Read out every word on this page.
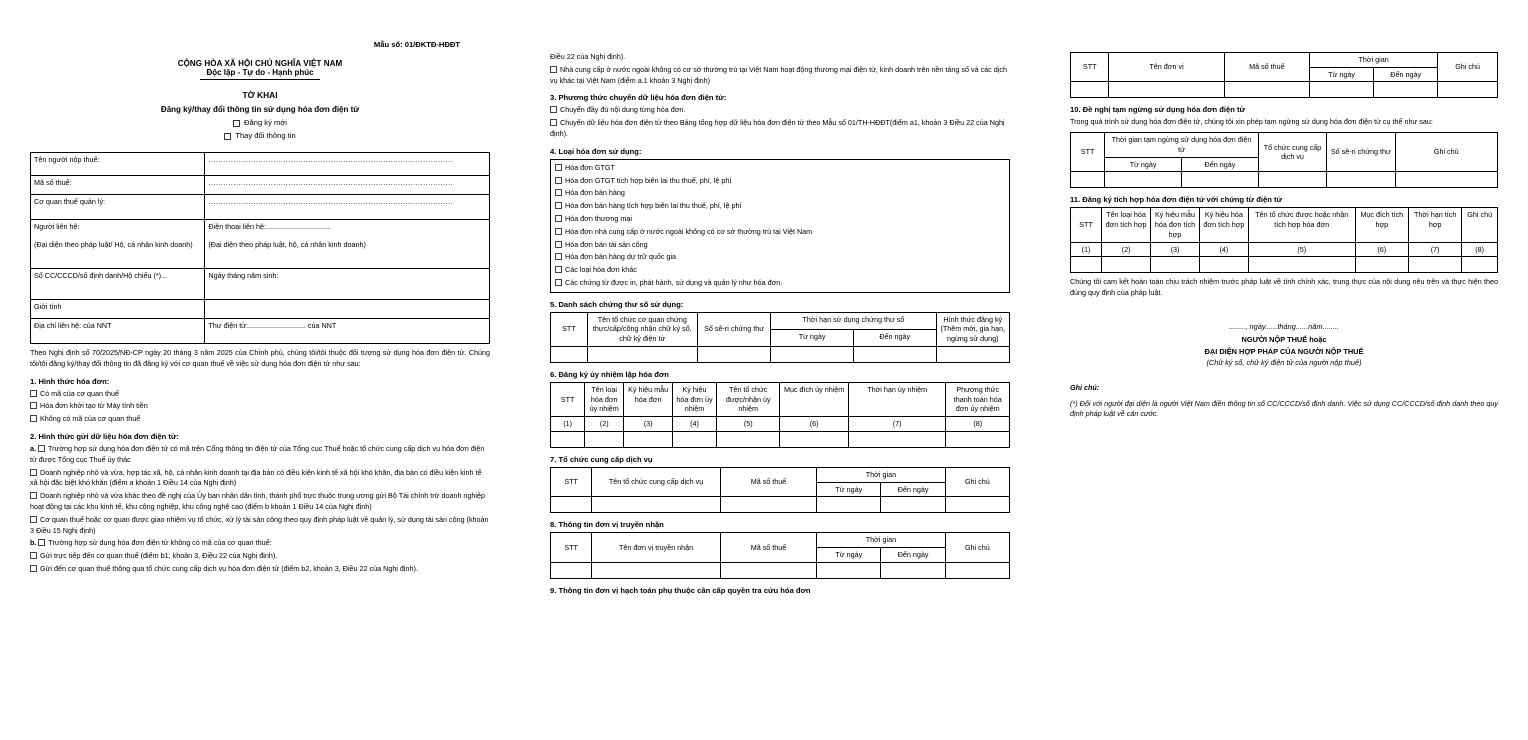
Mẫu số: 01/ĐKTĐ-HĐĐT
CỘNG HÒA XÃ HỘI CHỦ NGHĨA VIỆT NAM
Độc lập - Tự do - Hạnh phúc
TỜ KHAI
Đăng ký/thay đổi thông tin sử dụng hóa đơn điện tử
Đăng ký mới
Thay đổi thông tin
Tên người nộp thuế:	..................................................................................................
Mã số thuế:	..................................................................................................
Cơ quan thuế quản lý:	..................................................................................................

Người liên hệ:
(Đại diện theo pháp luật/ Hộ, cá nhân kinh doanh)

Điện thoại liên hệ:................................
(Đại diện theo pháp luật, hộ, cá nhân kinh doanh)

Số CC/CCCD/số định danh/Hộ chiếu (*)...	Ngày tháng năm sinh:
Giới tính	
Địa chỉ liên hệ: của NNT	Thư điện tử:............................. của NNT
Theo Nghị định số 70/2025/NĐ-CP ngày 20 tháng 3 năm 2025 của Chính phủ, chúng tôi/tôi thuộc đối tượng sử dụng hóa đơn điện tử. Chúng tôi/tôi đăng ký/thay đổi thông tin đã đăng ký với cơ quan thuế về việc sử dụng hóa đơn điện tử như sau:
1. Hình thức hóa đơn:
Có mã của cơ quan thuế
Hóa đơn khởi tạo từ Máy tính tiền
Không có mã của cơ quan thuế
2. Hình thức gửi dữ liệu hóa đơn điện tử:
a. Trường hợp sử dụng hóa đơn điện tử có mã trên Cổng thông tin điện tử của Tổng cục Thuế hoặc tổ chức cung cấp dịch vụ hóa đơn điện tử được Tổng cục Thuế ủy thác
Doanh nghiệp nhỏ và vừa, hợp tác xã, hộ, cá nhân kinh doanh tại địa bàn có điều kiện kinh tế xã hội khó khăn, địa bàn có điều kiện kinh tế xã hội đặc biệt khó khăn (điểm a khoản 1 Điều 14 của Nghị định)
Doanh nghiệp nhỏ và vừa khác theo đề nghị của Ủy ban nhân dân tỉnh, thành phố trực thuộc trung ương gửi Bộ Tài chính trừ doanh nghiệp hoạt động tại các khu kinh tế, khu công nghiệp, khu công nghệ cao (điểm b khoản 1 Điều 14 của Nghị định)
Cơ quan thuế hoặc cơ quan được giao nhiệm vụ tổ chức, xử lý tài sản công theo quy định pháp luật về quản lý, sử dụng tài sản công (khoản 3 Điều 15 Nghị định)
b. Trường hợp sử dụng hóa đơn điện tử không có mã của cơ quan thuế:
Gửi trực tiếp đến cơ quan thuế (điểm b1, khoản 3, Điều 22 của Nghị định).
Gửi đến cơ quan thuế thông qua tổ chức cung cấp dịch vụ hóa đơn điện tử (điểm b2, khoản 3, Điều 22 của Nghị định).
Điều 22 của Nghị định).
Nhà cung cấp ở nước ngoài không có cơ sở thường trú tại Việt Nam hoạt động thương mại điện tử, kinh doanh trên nền tảng số và các dịch vụ khác tại Việt Nam (điểm a.1 khoản 3 Nghị định)
3. Phương thức chuyển dữ liệu hóa đơn điện tử:
Chuyển đầy đủ nội dung từng hóa đơn.
Chuyển dữ liệu hóa đơn điện tử theo Bảng tổng hợp dữ liệu hóa đơn điện tử theo Mẫu số 01/TH-HĐĐT(điểm a1, khoản 3 Điều 22 của Nghị định).
4. Loại hóa đơn sử dụng:
Hóa đơn GTGT
Hóa đơn GTGT tích hợp biên lai thu thuế, phí, lệ phí
Hóa đơn bán hàng
Hóa đơn bán hàng tích hợp biên lai thu thuế, phí, lệ phí
Hóa đơn thương mại
Hóa đơn nhà cung cấp ở nước ngoài không có cơ sở thường trú tại Việt Nam
Hóa đơn bán tài sản công
Hóa đơn bán hàng dự trữ quốc gia
Các loại hóa đơn khác
Các chứng từ được in, phát hành, sử dụng và quản lý như hóa đơn.
5. Danh sách chứng thư số sử dụng:
STT	Tên tổ chức cơ quan chứng thực/cấp/công nhận chữ ký số, chữ ký điện tử	Số sê-ri chứng thư	Thời hạn sử dụng chứng thư số		Hình thức đăng ký (Thêm mới, gia hạn, ngừng sử dụng)
			Từ ngày	Đến ngày	

6. Đăng ký ủy nhiệm lập hóa đơn
STT	Tên loại hóa đơn ủy nhiệm	Ký hiệu mẫu hóa đơn	Ký hiệu hóa đơn ủy nhiệm	Tên tổ chức được/nhận ủy nhiệm	Mục đích ủy nhiệm	Thời hạn ủy nhiệm	Phương thức thanh toán hóa đơn ủy nhiệm
(1)	(2)	(3)	(4)	(5)	(6)	(7)	(8)

7. Tổ chức cung cấp dịch vụ
STT	Tên tổ chức cung cấp dịch vụ	Mã số thuế	Thời gian		Ghi chú
			Từ ngày	Đến ngày	

8. Thông tin đơn vị truyền nhận
STT	Tên đơn vị truyền nhận	Mã số thuế	Thời gian		Ghi chú
			Từ ngày	Đến ngày	

9. Thông tin đơn vị hạch toán phụ thuộc cần cấp quyền tra cứu hóa đơn
STT	Tên đơn vị	Mã số thuế	Thời gian		Ghi chú
			Từ ngày	Đến ngày	

10. Đề nghị tạm ngừng sử dụng hóa đơn điện tử
Trong quá trình sử dụng hóa đơn điện tử, chúng tôi xin phép tạm ngừng sử dụng hóa đơn điện tử cụ thể như sau:
STT	Thời gian tạm ngừng sử dụng hóa đơn điện tử		Tổ chức cung cấp dịch vụ	Số sê-ri chứng thư	Ghi chú
	Từ ngày	Đến ngày			

11. Đăng ký tích hợp hóa đơn điện tử với chứng từ điện tử
STT	Tên loại hóa đơn tích hợp	Ký hiệu mẫu hóa đơn tích hợp	Ký hiệu hóa đơn tích hợp	Tên tổ chức được hoặc nhận tích hợp hóa đơn	Mục đích tích hợp	Thời hạn tích hợp	Ghi chú
(1)	(2)	(3)	(4)	(5)	(6)	(7)	(8)

Chúng tôi cam kết hoàn toàn chịu trách nhiệm trước pháp luật về tính chính xác, trung thực của nội dung nêu trên và thực hiện theo đúng quy định của pháp luật.
........, ngày......tháng......năm........
NGƯỜI NỘP THUẾ hoặc
ĐẠI DIỆN HỢP PHÁP CỦA NGƯỜI NỘP THUẾ
(Chữ ký số, chữ ký điện tử của người nộp thuế)
Ghi chú:
(*) Đối với người đại diện là người Việt Nam điền thông tin số CC/CCCD/số định danh. Việc sử dụng CC/CCCD/số định danh theo quy định pháp luật về căn cước.
